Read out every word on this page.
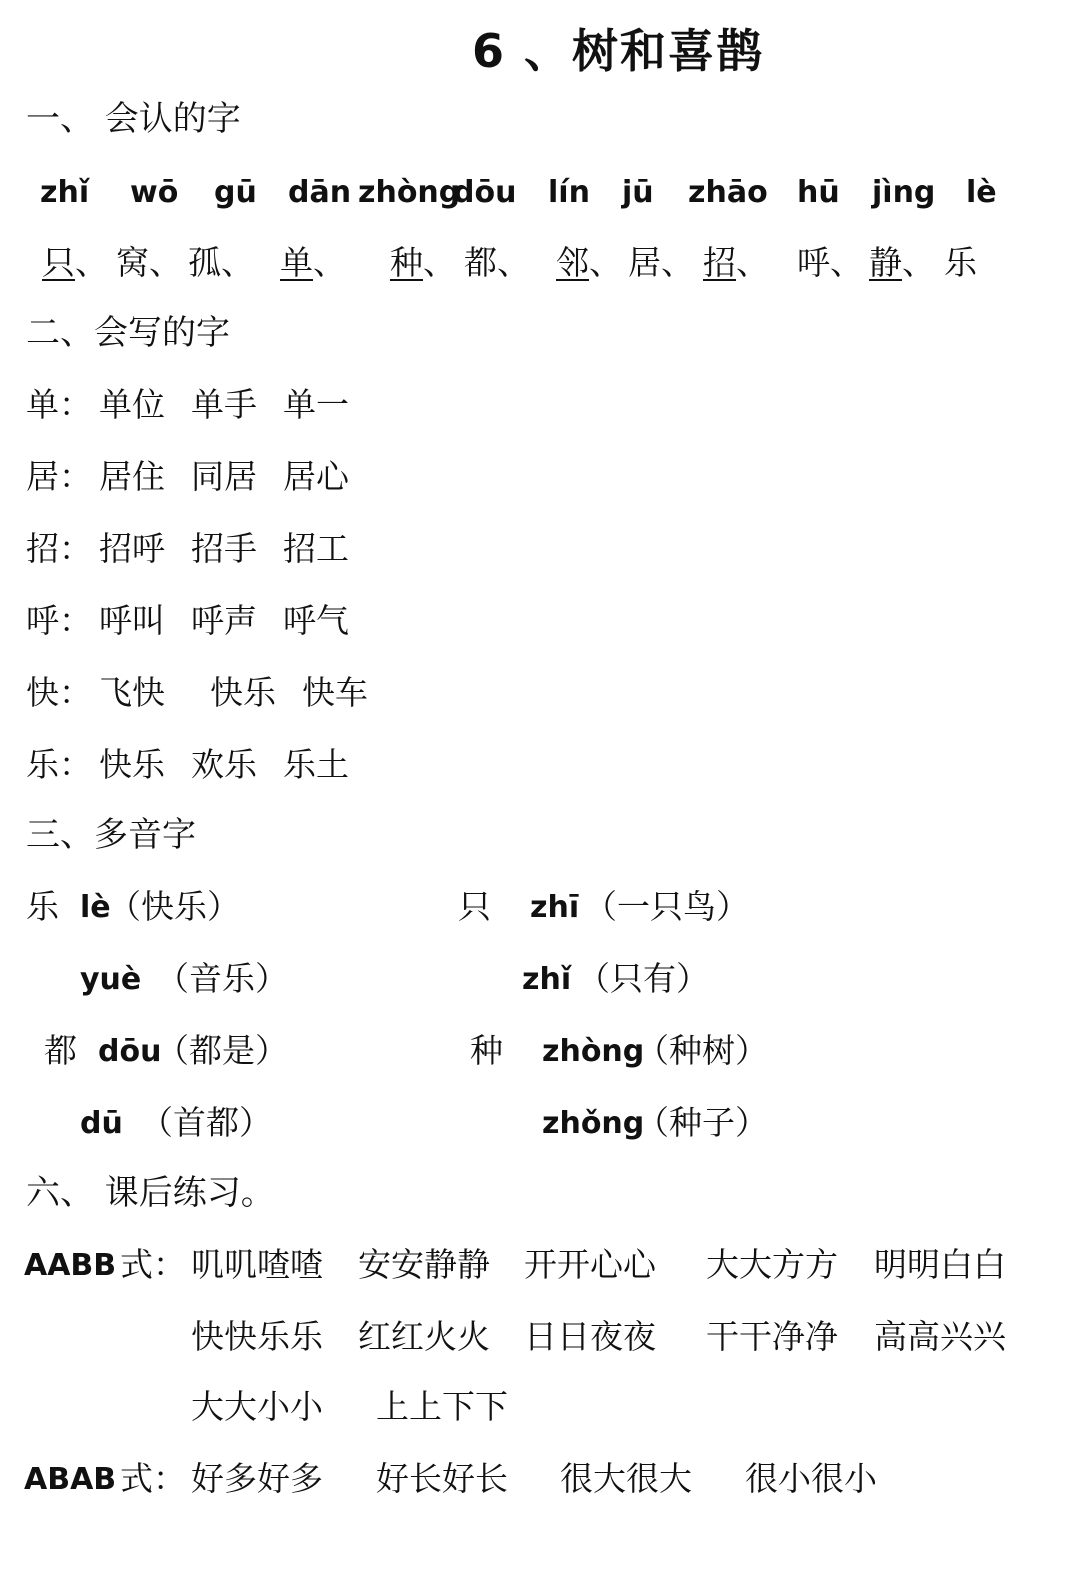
6 、树和喜鹊
一、 会认的字
zhǐ wō gū dān zhòng
dōu lín jū zhāo hū jìng lè
只 、 窝 、 孤 、 单 、 种 、 都 、 邻 、 居 、 招 、 呼 、 静 、 乐
二、会写的字
单： 单位 单手 单一
居： 居住 同居 居心
招： 招呼 招手 招工
呼： 呼叫 呼声 呼气
快： 飞快 快乐 快车
乐： 快乐 欢乐 乐土
三、多音字
乐 lè
（快乐）
yuè （音乐）
只 zhī （一只鸟）
zhǐ （只有）
都 dōu
（都是）
dū （首都）
种 zhòng
（种树）
zhǒng
（种子）
六、 课后练习。
AABB 式： 叽叽喳喳 安安静静 开开心心 大大方方 明明白白
快快乐乐 红红火火 日日夜夜 干干净净 高高兴兴
大大小小 上上下下
ABAB 式： 好多好多 好长好长 很大很大 很小很小
